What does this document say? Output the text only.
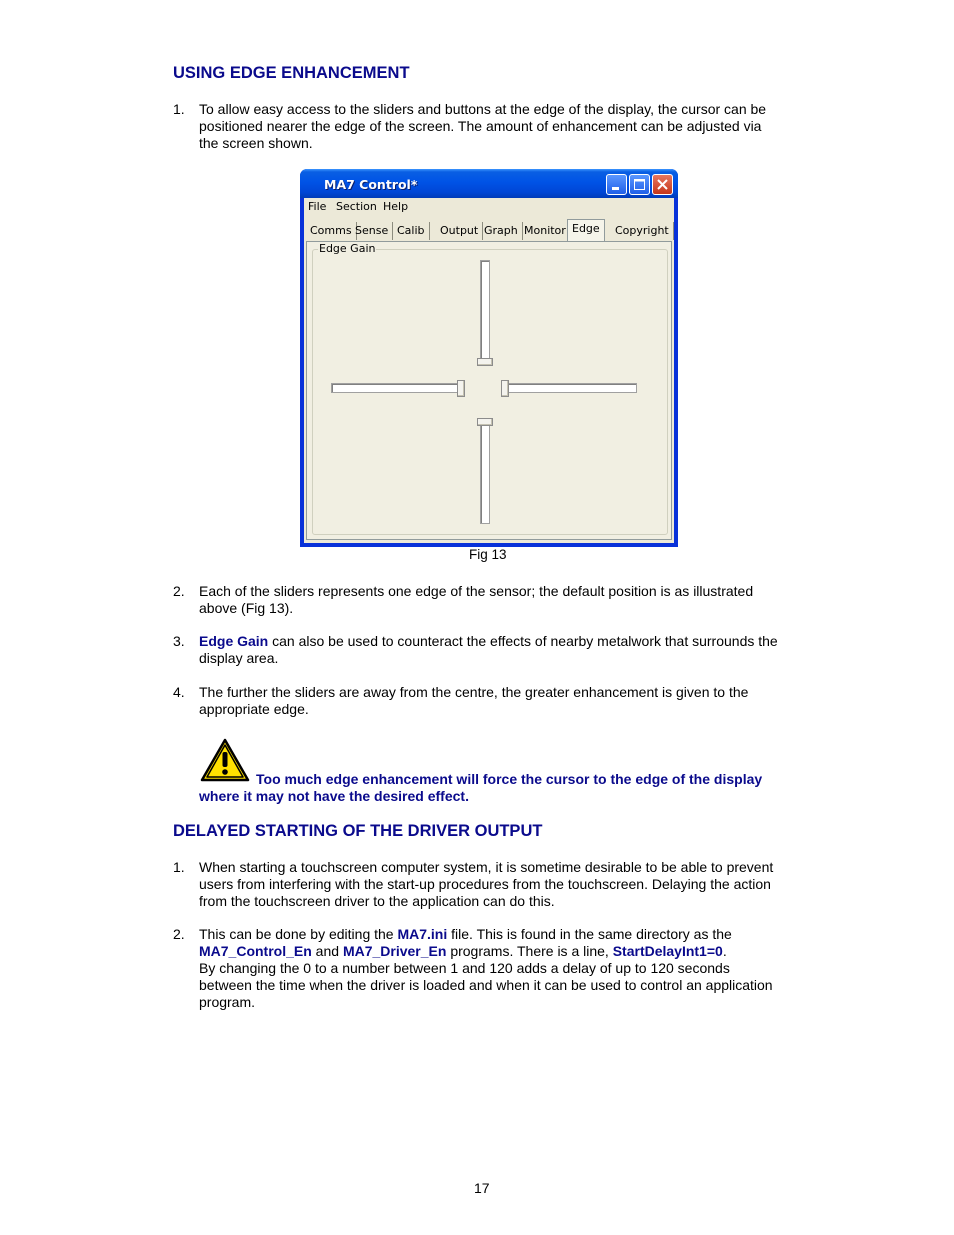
USING EDGE ENHANCEMENT
1.	To allow easy access to the sliders and buttons at the edge of the display, the cursor can be
positioned nearer the edge of the screen. The amount of enhancement can be adjusted via
the screen shown.
MA7 Control*
File Section Help
Comms Sense Calib	Output Graph Monitor Edge	Copyright
Edge Gain
Fig 13
2.	Each of the sliders represents one edge of the sensor; the default position is as illustrated
above (Fig 13).
3.	Edge Gain can also be used to counteract the effects of nearby metalwork that surrounds the
display area.
4.	The further the sliders are away from the centre, the greater enhancement is given to the
appropriate edge.
Too much edge enhancement will force the cursor to the edge of the display
where it may not have the desired effect.
DELAYED STARTING OF THE DRIVER OUTPUT
1.	When starting a touchscreen computer system, it is sometime desirable to be able to prevent
users from interfering with the start-up procedures from the touchscreen. Delaying the action
from the touchscreen driver to the application can do this.
2.	This can be done by editing the MA7.ini file. This is found in the same directory as the
MA7_Control_En and MA7_Driver_En programs. There is a line, StartDelayInt1=0.
By changing the 0 to a number between 1 and 120 adds a delay of up to 120 seconds
between the time when the driver is loaded and when it can be used to control an application
program.
17
